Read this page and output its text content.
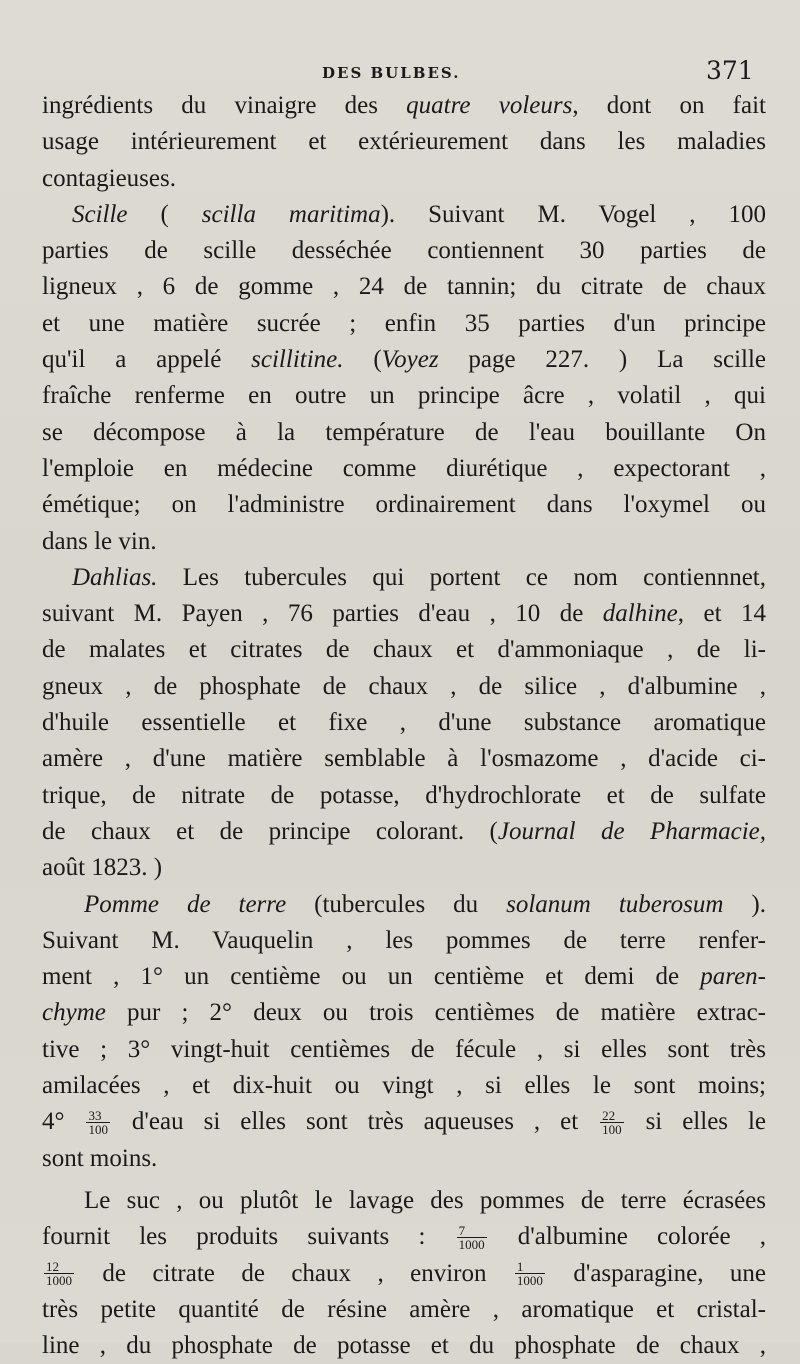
DES BULBES.	371
ingrédients du vinaigre des quatre voleurs, dont on fait
usage intérieurement et extérieurement dans les maladies
contagieuses.
Scille ( scilla maritima). Suivant M. Vogel , 100
parties de scille desséchée contiennent 30 parties de
ligneux , 6 de gomme , 24 de tannin; du citrate de chaux
et une matière sucrée ; enfin 35 parties d'un principe
qu'il a appelé scillitine. (Voyez page 227. ) La scille
fraîche renferme en outre un principe âcre , volatil , qui
se décompose à la température de l'eau bouillante On
l'emploie en médecine comme diurétique , expectorant ,
émétique; on l'administre ordinairement dans l'oxymel ou
dans le vin.
Dahlias. Les tubercules qui portent ce nom contiennnet,
suivant M. Payen , 76 parties d'eau , 10 de dalhine, et 14
de malates et citrates de chaux et d'ammoniaque , de li-
gneux , de phosphate de chaux , de silice , d'albumine ,
d'huile essentielle et fixe , d'une substance aromatique
amère , d'une matière semblable à l'osmazome , d'acide ci-
trique, de nitrate de potasse, d'hydrochlorate et de sulfate
de chaux et de principe colorant. (Journal de Pharmacie,
août 1823. )
Pomme de terre (tubercules du solanum tuberosum ).
Suivant M. Vauquelin , les pommes de terre renfer-
ment , 1° un centième ou un centième et demi de paren-
chyme pur ; 2° deux ou trois centièmes de matière extrac-
tive ; 3° vingt-huit centièmes de fécule , si elles sont très
amilacées , et dix-huit ou vingt , si elles le sont moins;
$4^\circ \frac{33}{100} d'eau$ si elles sont très aqueuses , et $\frac{22}{100}$ si elles le
sont moins.
Le suc , ou plutôt le lavage des pommes de terre écrasées
fournit les produits suivants : $\frac{7}{1000}$ d'albumine colorée ,
$\frac{12}{1000}$ de citrate de chaux , environ $\frac{1}{1000}$ d'asparagine, une
très petite quantité de résine amère , aromatique et cristal-
line , du phosphate de potasse et du phosphate de chaux ,
